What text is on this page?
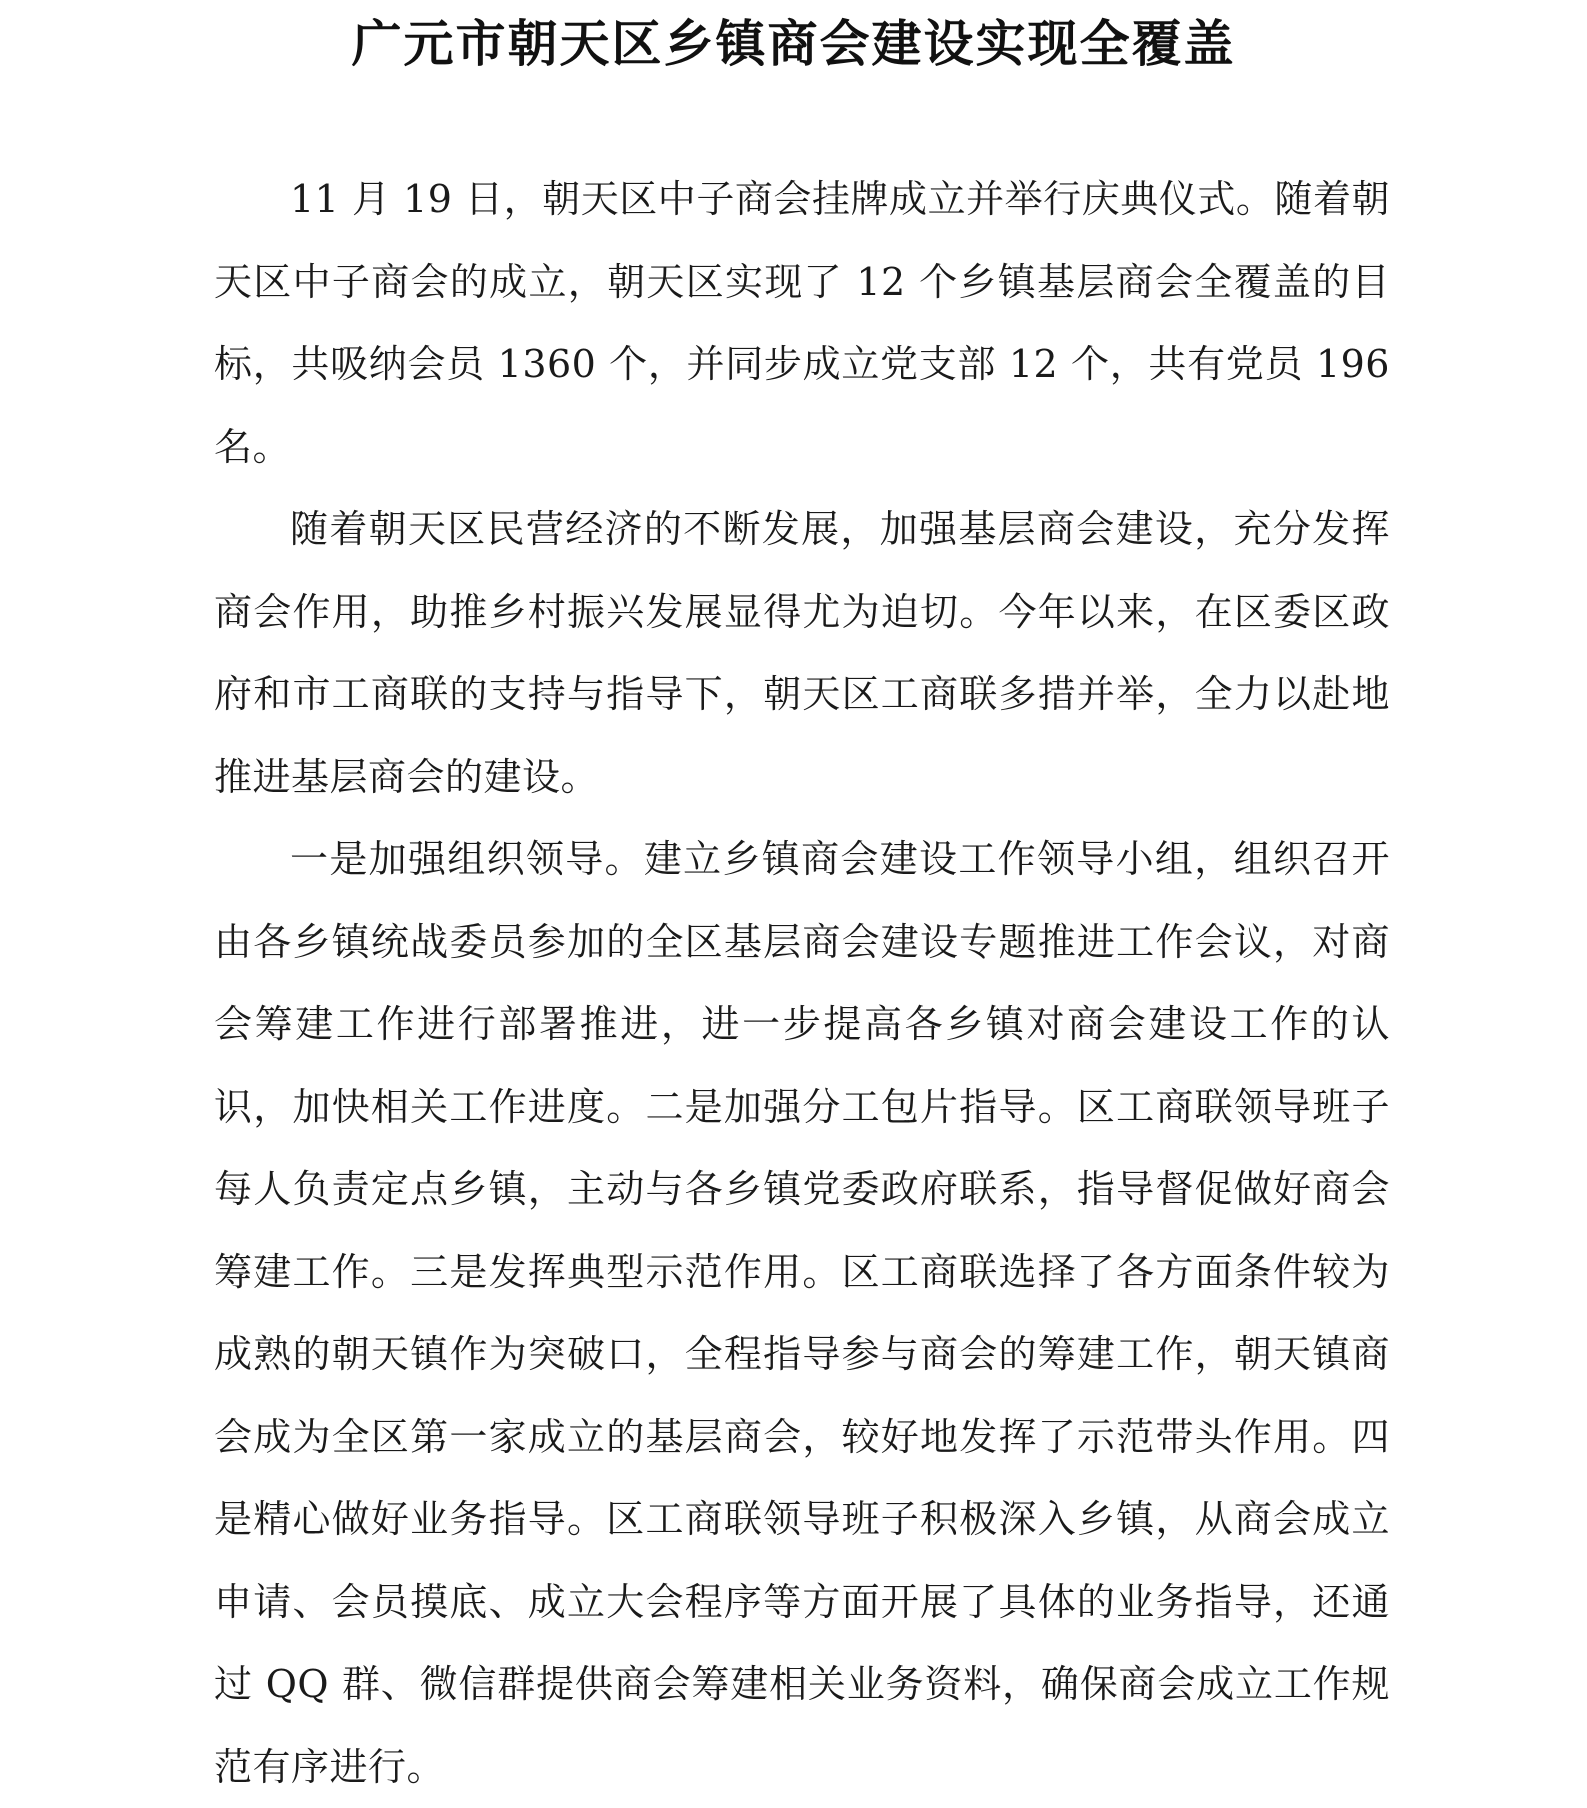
广元市朝天区乡镇商会建设实现全覆盖

11 月 19 日，朝天区中子商会挂牌成立并举行庆典仪式。随着朝天区中子商会的成立，朝天区实现了 12 个乡镇基层商会全覆盖的目标，共吸纳会员 1360 个，并同步成立党支部 12 个，共有党员 196 名。

随着朝天区民营经济的不断发展，加强基层商会建设，充分发挥商会作用，助推乡村振兴发展显得尤为迫切。今年以来，在区委区政府和市工商联的支持与指导下，朝天区工商联多措并举，全力以赴地推进基层商会的建设。

一是加强组织领导。建立乡镇商会建设工作领导小组，组织召开由各乡镇统战委员参加的全区基层商会建设专题推进工作会议，对商会筹建工作进行部署推进，进一步提高各乡镇对商会建设工作的认识，加快相关工作进度。二是加强分工包片指导。区工商联领导班子每人负责定点乡镇，主动与各乡镇党委政府联系，指导督促做好商会筹建工作。三是发挥典型示范作用。区工商联选择了各方面条件较为成熟的朝天镇作为突破口，全程指导参与商会的筹建工作，朝天镇商会成为全区第一家成立的基层商会，较好地发挥了示范带头作用。四是精心做好业务指导。区工商联领导班子积极深入乡镇，从商会成立申请、会员摸底、成立大会程序等方面开展了具体的业务指导，还通过 QQ 群、微信群提供商会筹建相关业务资料，确保商会成立工作规范有序进行。
